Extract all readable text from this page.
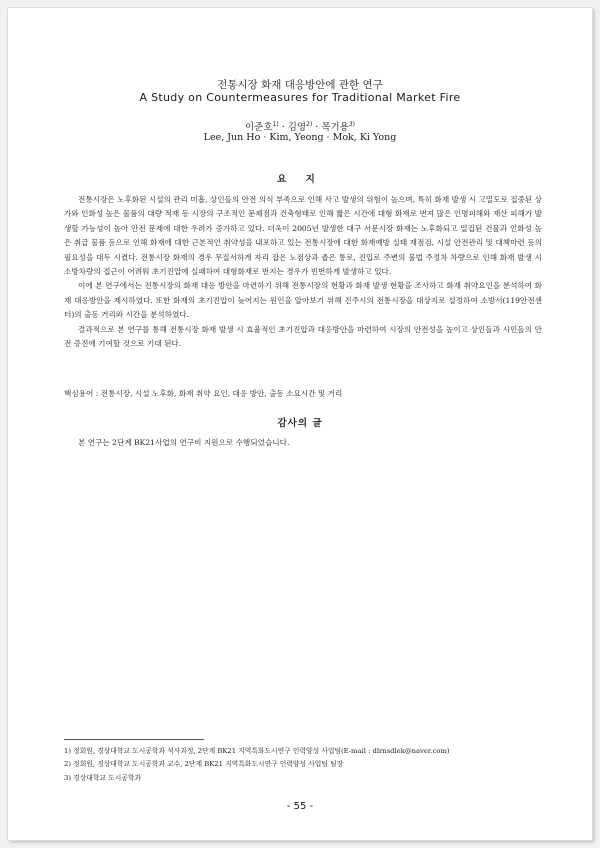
전통시장 화재 대응방안에 관한 연구
A Study on Countermeasures for Traditional Market Fire
이준호$^{1)}$ · 김영$^{2)}$ · 목기용$^{3)}$
Lee, Jun Ho · Kim, Yeong · Mok, Ki Yong
요 지

전통시장은 노후화된 시설의 관리 미흡, 상인들의 안전 의식 부족으로 인해 사고 발생의 위험이 높으며, 특히 화재 발생 시 고밀도로 집중된 상가와 인화성 높은 물품의 대량 적재 등 시장의 구조적인 문제점과 건축형태로 인해 짧은 시간에 대형 화재로 번져 많은 인명피해와 재산 피해가 발생할 가능성이 높아 안전 문제에 대한 우려가 증가하고 있다. 더욱이 2005년 발생한 대구 서문시장 화재는 노후화되고 밀집된 건물과 인화성 높은 취급 물품 등으로 인해 화재에 대한 근본적인 취약성을 내포하고 있는 전통시장에 대한 화재예방 실태 재점검, 시설 안전관리 및 대책마련 등의 필요성을 대두 시켰다. 전통시장 화재의 경우 무질서하게 자리 잡은 노점상과 좁은 통로, 진입로 주변의 불법 주정차 차량으로 인해 화재 발생 시 소방차량의 접근이 어려워 초기진압에 실패하여 대형화재로 번지는 경우가 빈번하게 발생하고 있다.

이에 본 연구에서는 전통시장의 화재 대응 방안을 마련하기 위해 전통시장의 현황과 화재 발생 현황을 조사하고 화재 취약요인을 분석하여 화재 대응방안을 제시하였다. 또한 화재의 초기진압이 늦어지는 원인을 알아보기 위해 진주시의 전통시장을 대상지로 설정하여 소방서(119안전센터)의 출동 거리와 시간을 분석하였다.

결과적으로 본 연구를 통해 전통시장 화재 발생 시 효율적인 초기진압과 대응방안을 마련하여 시장의 안전성을 높이고 상인들과 시민들의 안전 증진에 기여할 것으로 기대 된다.

핵심용어 : 전통시장, 시설 노후화, 화재 취약 요인, 대응 방안, 출동 소요시간 및 거리
감사의 글
본 연구는 2단계 BK21사업의 연구비 지원으로 수행되었습니다.
1) 정회원, 경상대학교 도시공학과 석사과정, 2단계 BK21 지역특화도시연구 인력양성 사업팀(E-mail : dlrnsdlek@naver.com)
2) 정회원, 경상대학교 도시공학과 교수, 2단계 BK21 지역특화도시연구 인력양성 사업팀 팀장
3) 경상대학교 도시공학과
- 55 -
